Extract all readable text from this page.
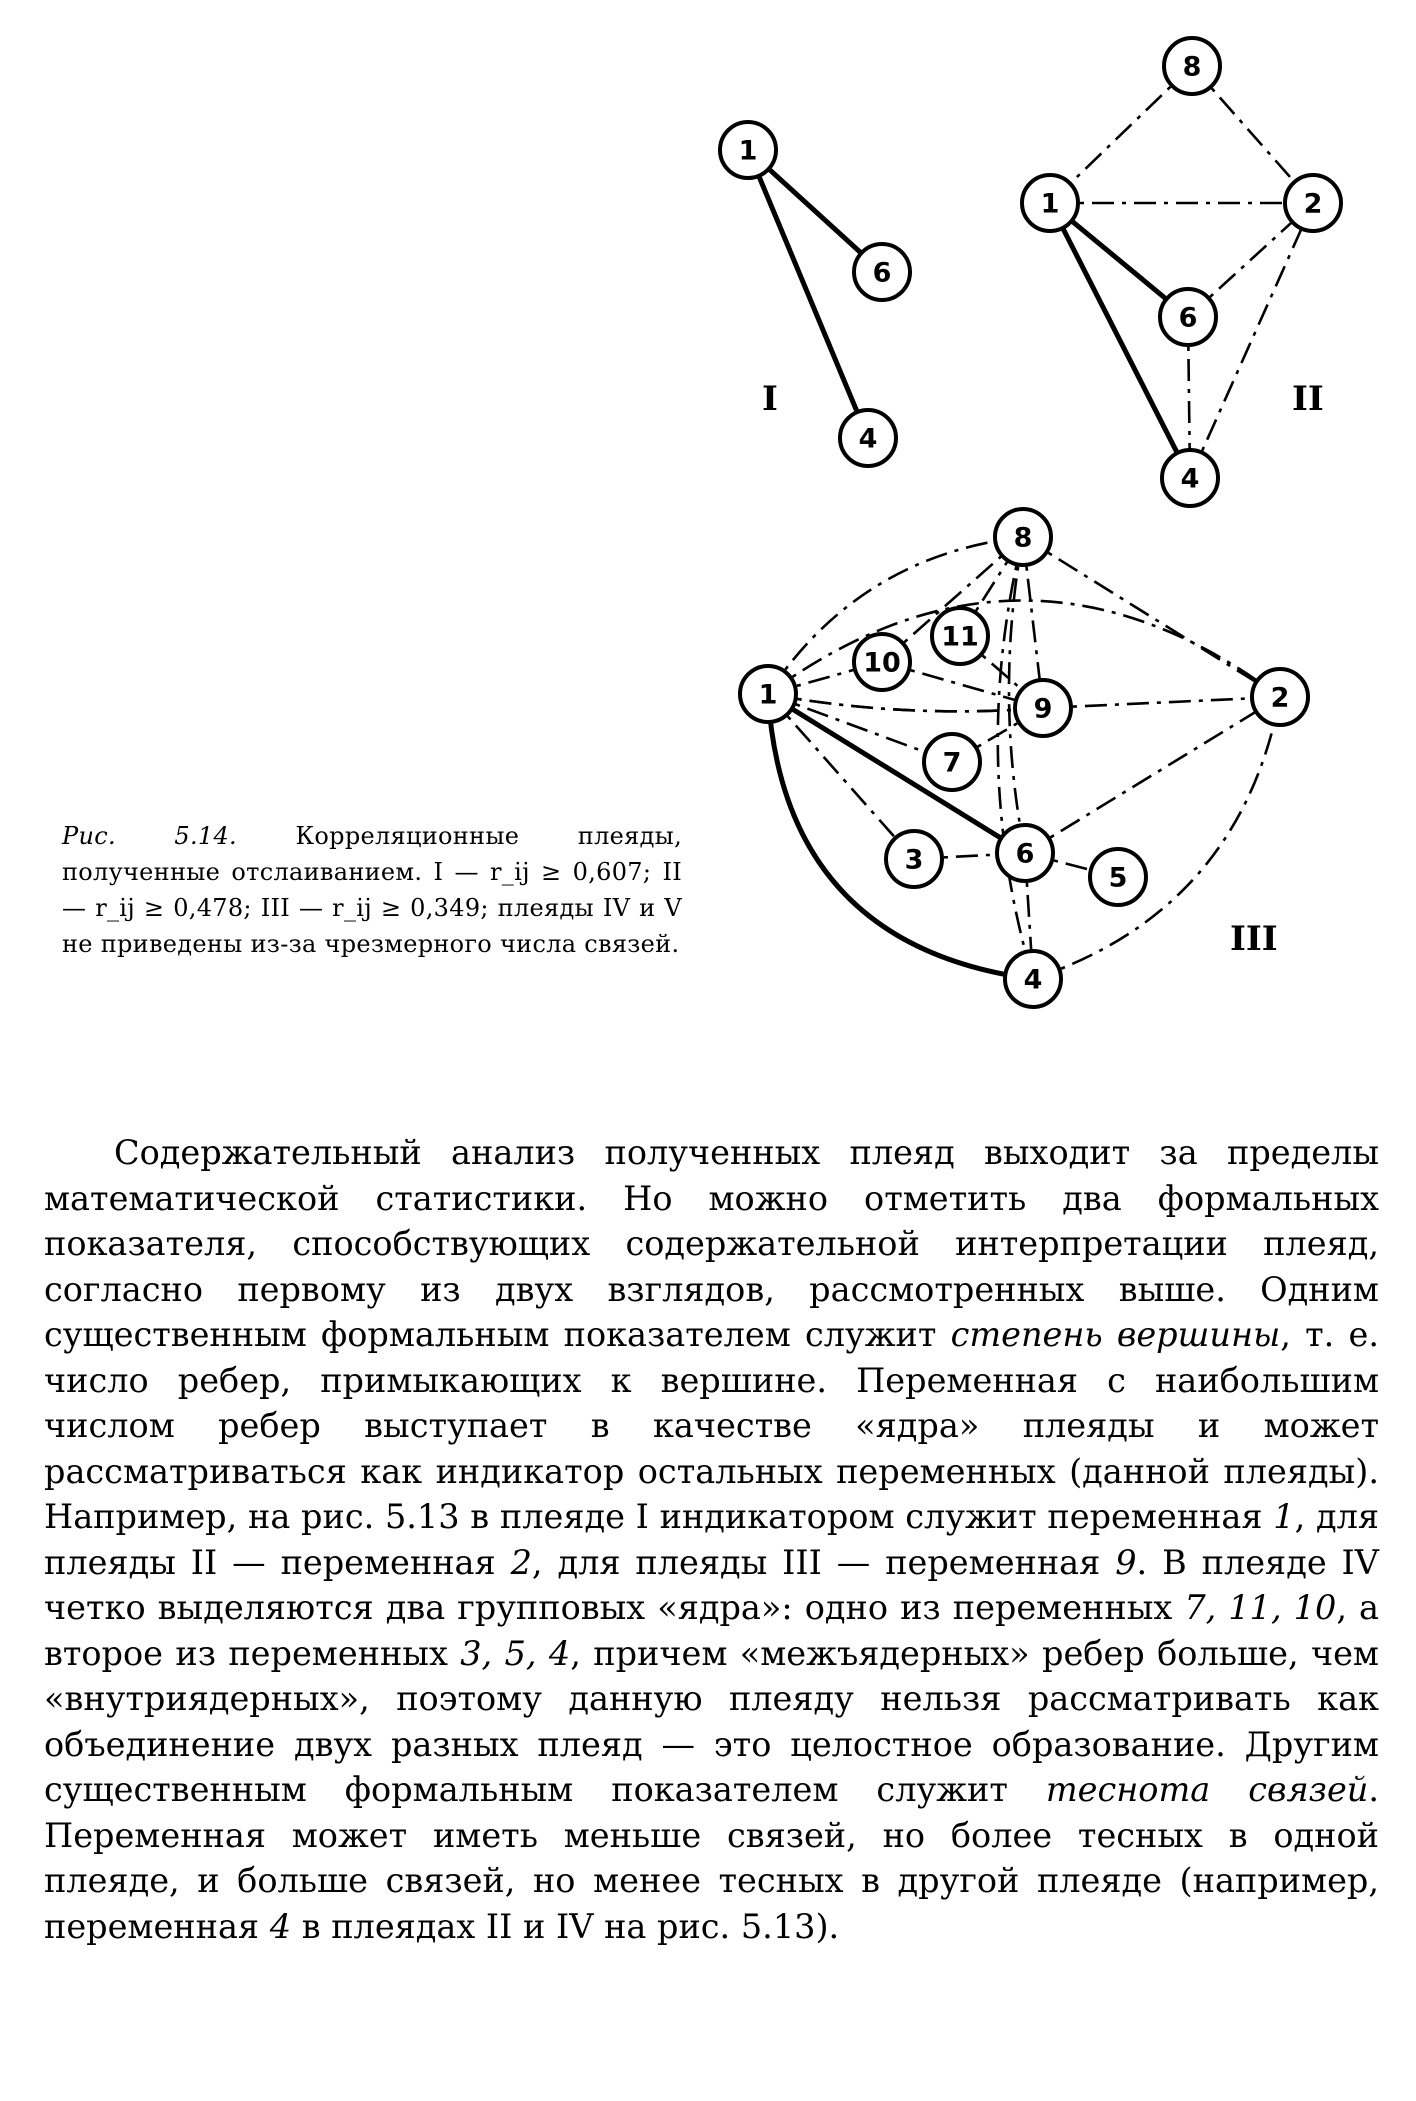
1
6
4
8
1	2
6
4
8
11
10
1	9	2
7
3	6
5
4
I	II
III
Рис. 5.14. Корреляционные плеяды, полученные отслаиванием. I — r_ij ≥ 0,607; II — r_ij ≥ 0,478; III — r_ij ≥ 0,349; плеяды IV и V не приведены из-за чрезмерного числа связей.

Содержательный анализ полученных плеяд выходит за пределы математической статистики. Но можно отметить два формальных показателя, способствующих содержательной интерпретации плеяд, согласно первому из двух взглядов, рассмотренных выше. Одним существенным формальным показателем служит степень вершины, т. е. число ребер, примыкающих к вершине. Переменная с наибольшим числом ребер выступает в качестве «ядра» плеяды и может рассматриваться как индикатор остальных переменных (данной плеяды). Например, на рис. 5.13 в плеяде I индикатором служит переменная 1, для плеяды II — переменная 2, для плеяды III — переменная 9. В плеяде IV четко выделяются два групповых «ядра»: одно из переменных 7, 11, 10, а второе из переменных 3, 5, 4, причем «межъядерных» ребер больше, чем «внутриядерных», поэтому данную плеяду нельзя рассматривать как объединение двух разных плеяд — это целостное образование. Другим существенным формальным показателем служит теснота связей. Переменная может иметь меньше связей, но более тесных в одной плеяде, и больше связей, но менее тесных в другой плеяде (например, переменная 4 в плеядах II и IV на рис. 5.13).
